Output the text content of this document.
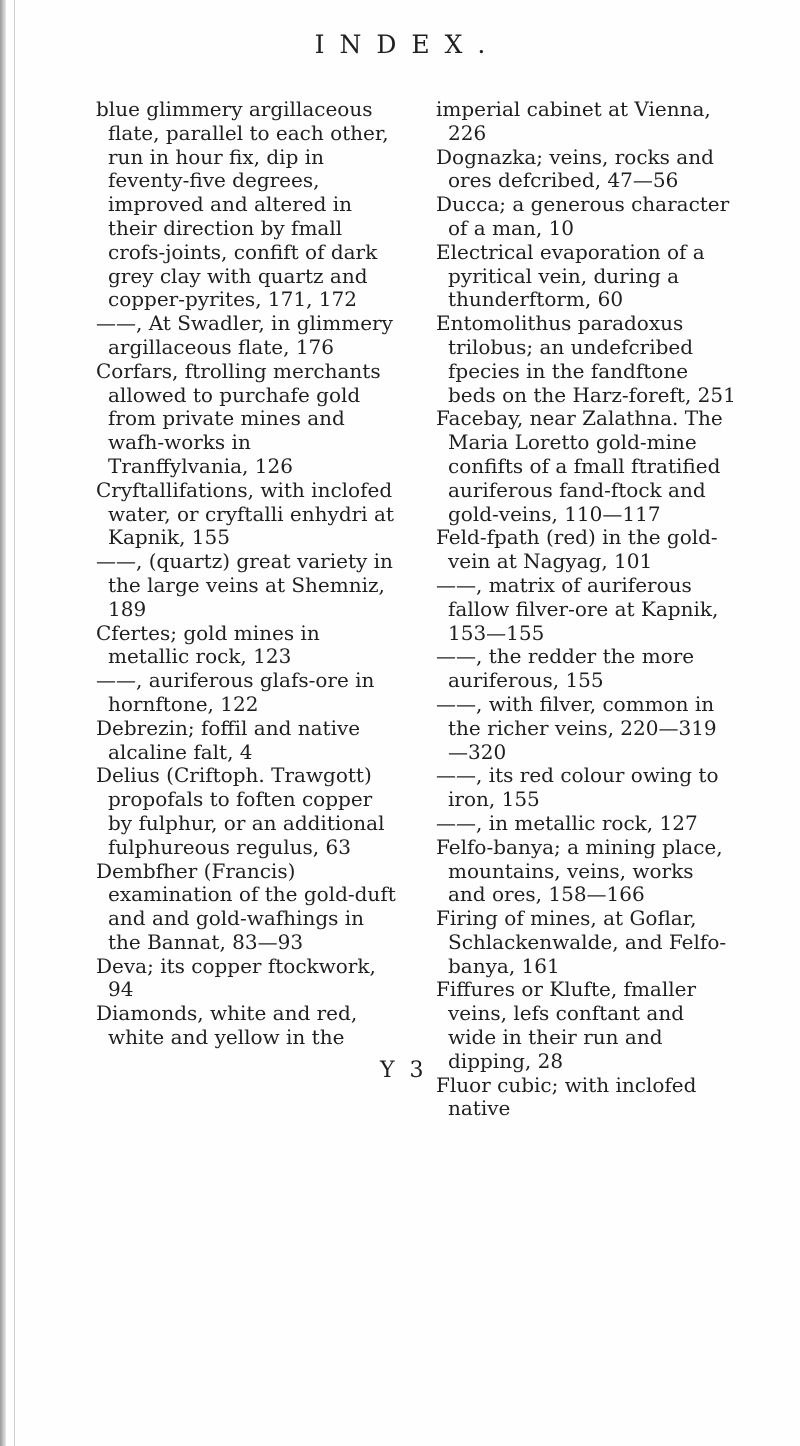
INDEX.

blue glimmery argillaceous flate, parallel to each other, run in hour fix, dip in feventy-five degrees, improved and altered in their direction by fmall crofs-joints, confift of dark grey clay with quartz and copper-pyrites, 171, 172

——, At Swadler, in glimmery argillaceous flate, 176

Corfars, ftrolling merchants allowed to purchafe gold from private mines and wafh-works in Tranffylvania, 126

Cryftallifations, with inclofed water, or cryftalli enhydri at Kapnik, 155

——, (quartz) great variety in the large veins at Shemniz, 189

Cfertes; gold mines in metallic rock, 123

——, auriferous glafs-ore in hornftone, 122

Debrezin; foffil and native alcaline falt, 4

Delius (Criftoph. Trawgott) propofals to foften copper by fulphur, or an additional fulphureous regulus, 63

Dembfher (Francis) examination of the gold-duft and and gold-wafhings in the Bannat, 83—93

Deva; its copper ftockwork, 94

Diamonds, white and red, white and yellow in the

imperial cabinet at Vienna, 226

Dognazka; veins, rocks and ores defcribed, 47—56

Ducca; a generous character of a man, 10

Electrical evaporation of a pyritical vein, during a thunderftorm, 60

Entomolithus paradoxus trilobus; an undefcribed fpecies in the fandftone beds on the Harz-foreft, 251

Facebay, near Zalathna. The Maria Loretto gold-mine confifts of a fmall ftratified auriferous fand-ftock and gold-veins, 110—117

Feld-fpath (red) in the gold-vein at Nagyag, 101

——, matrix of auriferous fallow filver-ore at Kapnik, 153—155

——, the redder the more auriferous, 155

——, with filver, common in the richer veins, 220—319—320

——, its red colour owing to iron, 155

——, in metallic rock, 127

Felfo-banya; a mining place, mountains, veins, works and ores, 158—166

Firing of mines, at Goflar, Schlackenwalde, and Felfo-banya, 161

Fiffures or Klufte, fmaller veins, lefs conftant and wide in their run and dipping, 28

Fluor cubic; with inclofed native

Y 3
